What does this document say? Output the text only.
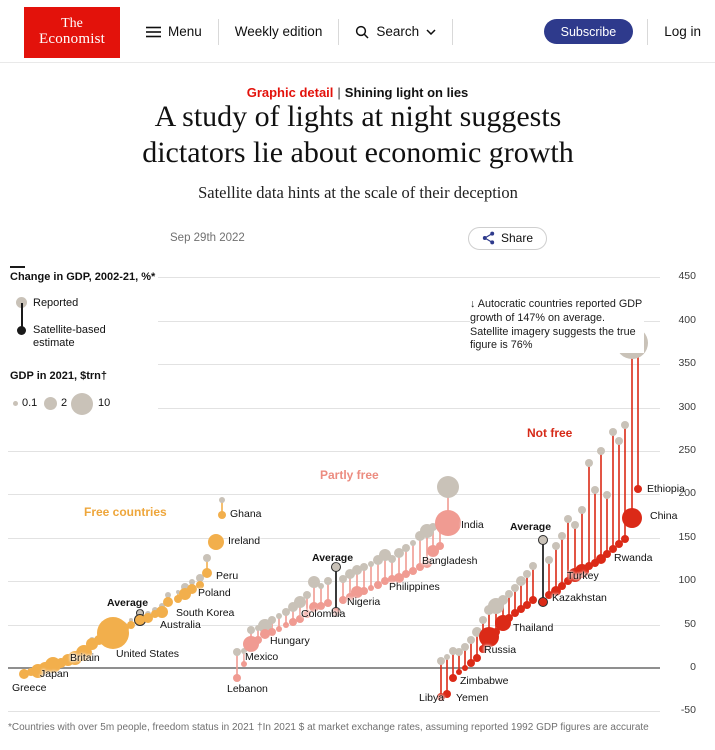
The
Economist	Menu Weekly edition	Search	Subscribe	Log in
Graphic detail | Shining light on lies
A study of lights at night suggests
dictators lie about economic growth
Satellite data hints at the scale of their deception
Sep 29th 2022	Share
450
400
350
300
250
200
150
100
50
0
-50
Free countries
Greece
Japan
Britain United States
Average
Australia
South Korea
Poland
Peru
Ireland
Ghana
Partly free
Lebanon
Mexico
Hungary
Colombia
Average
Nigeria
Philippines
Bangladesh
India
Not free
Libya Yemen
Zimbabwe
Russia
Thailand
Average
Kazakhstan
Turkey
Rwanda
China
Ethiopia
Change in GDP, 2002-21, %*
Reported
Satellite-based
estimate
GDP in 2021, $trn†
0.1 2	10
↓ Autocratic countries reported GDP growth of 147% on average. Satellite imagery suggests the true figure is 76%
*Countries with over 5m people, freedom status in 2021 †In 2021 $ at market exchange rates, assuming reported 1992 GDP figures are accurate
